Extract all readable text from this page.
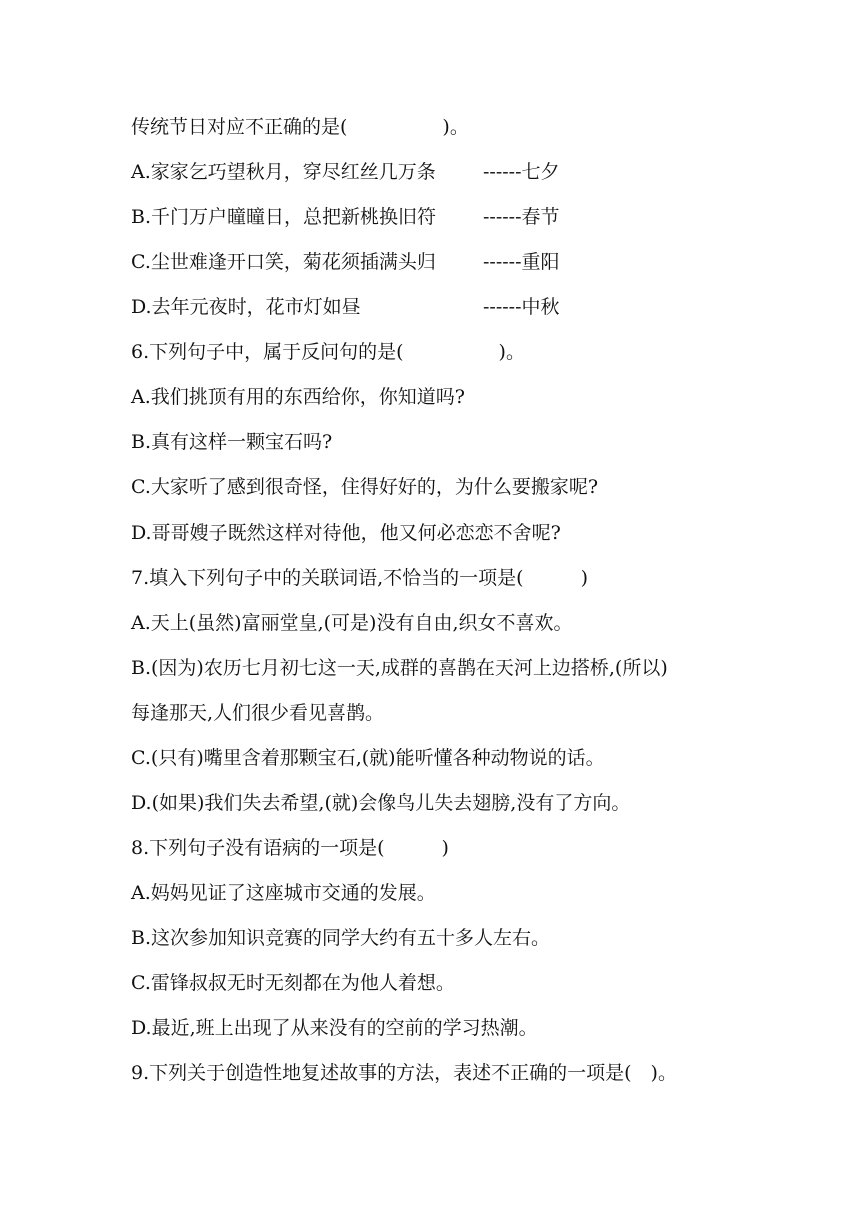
传统节日对应不正确的是(　　　　　)。
A.家家乞巧望秋月，穿尽红丝几万条 ------七夕
B.千门万户曈曈日，总把新桃换旧符 ------春节
C.尘世难逢开口笑，菊花须插满头归 ------重阳
D.去年元夜时，花市灯如昼	------中秋
6.下列句子中，属于反问句的是(　　　　　)。
A.我们挑顶有用的东西给你，你知道吗?
B.真有这样一颗宝石吗?
C.大家听了感到很奇怪，住得好好的，为什么要搬家呢?
D.哥哥嫂子既然这样对待他，他又何必恋恋不舍呢?
7.填入下列句子中的关联词语,不恰当的一项是(　　　)
A.天上(虽然)富丽堂皇,(可是)没有自由,织女不喜欢。
B.(因为)农历七月初七这一天,成群的喜鹊在天河上边搭桥,(所以)
每逢那天,人们很少看见喜鹊。
C.(只有)嘴里含着那颗宝石,(就)能听懂各种动物说的话。
D.(如果)我们失去希望,(就)会像鸟儿失去翅膀,没有了方向。
8.下列句子没有语病的一项是(　　　)
A.妈妈见证了这座城市交通的发展。
B.这次参加知识竞赛的同学大约有五十多人左右。
C.雷锋叔叔无时无刻都在为他人着想。
D.最近,班上出现了从来没有的空前的学习热潮。
9.下列关于创造性地复述故事的方法，表述不正确的一项是(　)。
